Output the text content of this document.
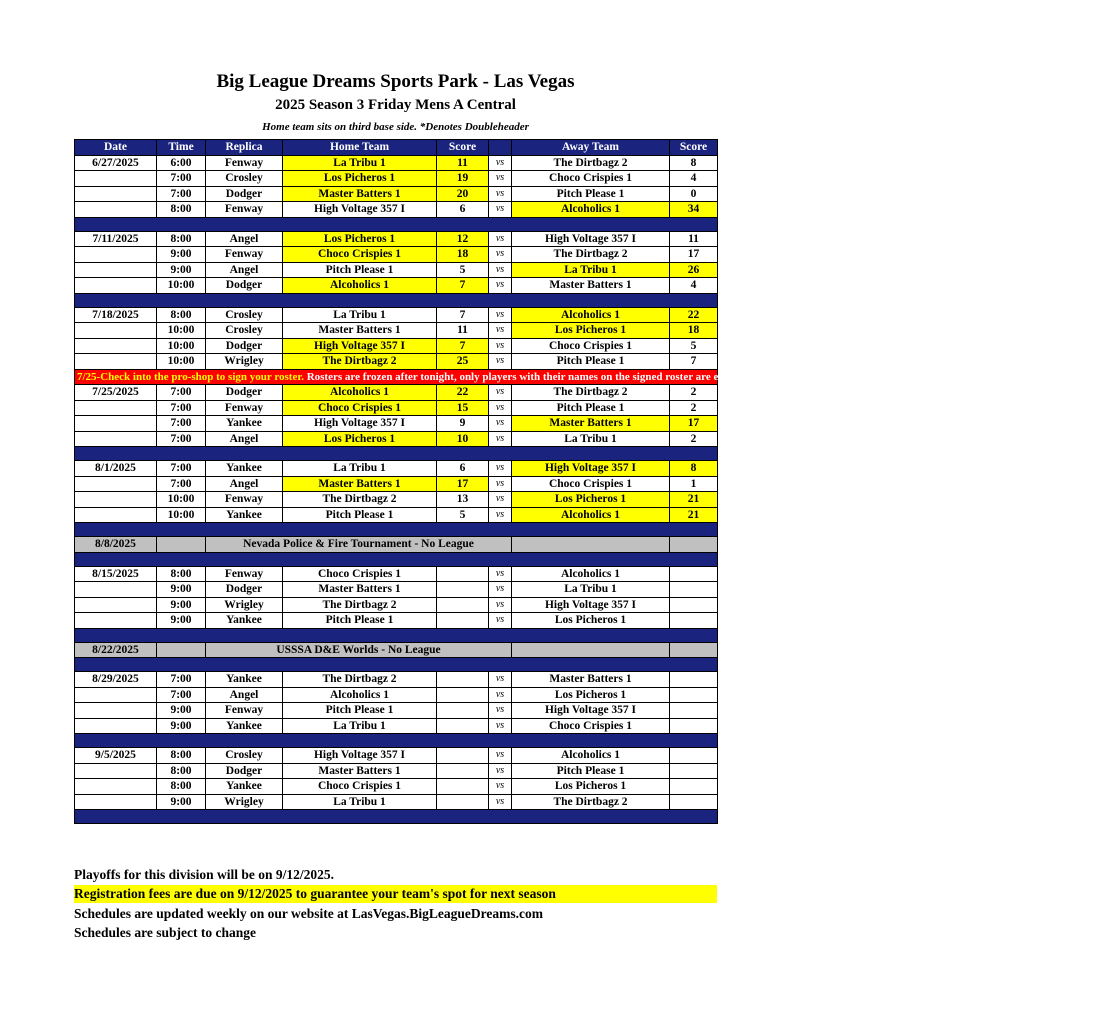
Big League Dreams Sports Park - Las Vegas
2025 Season 3 Friday Mens A Central
Home team sits on third base side. *Denotes Doubleheader
Date	Time	Replica	Home Team	Score		Away Team	Score
6/27/2025	6:00	Fenway	La Tribu 1	11	vs	The Dirtbagz 2	8
	7:00	Crosley	Los Picheros 1	19	vs	Choco Crispies 1	4
	7:00	Dodger	Master Batters 1	20	vs	Pitch Please 1	0
	8:00	Fenway	High Voltage 357 I	6	vs	Alcoholics 1	34

7/11/2025	8:00	Angel	Los Picheros 1	12	vs	High Voltage 357 I	11
	9:00	Fenway	Choco Crispies 1	18	vs	The Dirtbagz 2	17
	9:00	Angel	Pitch Please 1	5	vs	La Tribu 1	26
	10:00	Dodger	Alcoholics 1	7	vs	Master Batters 1	4

7/18/2025	8:00	Crosley	La Tribu 1	7	vs	Alcoholics 1	22
	10:00	Crosley	Master Batters 1	11	vs	Los Picheros 1	18
	10:00	Dodger	High Voltage 357 I	7	vs	Choco Crispies 1	5
	10:00	Wrigley	The Dirtbagz 2	25	vs	Pitch Please 1	7
7/25-Check into the pro-shop to sign your roster. Rosters are frozen after tonight, only players with their names on the signed roster are eligible for playoffs. Please check carefully as changes will not be made for omissions.							
7/25/2025	7:00	Dodger	Alcoholics 1	22	vs	The Dirtbagz 2	2
	7:00	Fenway	Choco Crispies 1	15	vs	Pitch Please 1	2
	7:00	Yankee	High Voltage 357 I	9	vs	Master Batters 1	17
	7:00	Angel	Los Picheros 1	10	vs	La Tribu 1	2

8/1/2025	7:00	Yankee	La Tribu 1	6	vs	High Voltage 357 I	8
	7:00	Angel	Master Batters 1	17	vs	Choco Crispies 1	1
	10:00	Fenway	The Dirtbagz 2	13	vs	Los Picheros 1	21
	10:00	Yankee	Pitch Please 1	5	vs	Alcoholics 1	21

8/8/2025		Nevada Police & Fire Tournament - No League					

8/15/2025	8:00	Fenway	Choco Crispies 1		vs	Alcoholics 1	
	9:00	Dodger	Master Batters 1		vs	La Tribu 1	
	9:00	Wrigley	The Dirtbagz 2		vs	High Voltage 357 I	
	9:00	Yankee	Pitch Please 1		vs	Los Picheros 1	

8/22/2025		USSSA D&E Worlds - No League					

8/29/2025	7:00	Yankee	The Dirtbagz 2		vs	Master Batters 1	
	7:00	Angel	Alcoholics 1		vs	Los Picheros 1	
	9:00	Fenway	Pitch Please 1		vs	High Voltage 357 I	
	9:00	Yankee	La Tribu 1		vs	Choco Crispies 1	

9/5/2025	8:00	Crosley	High Voltage 357 I		vs	Alcoholics 1	
	8:00	Dodger	Master Batters 1		vs	Pitch Please 1	
	8:00	Yankee	Choco Crispies 1		vs	Los Picheros 1	
	9:00	Wrigley	La Tribu 1		vs	The Dirtbagz 2	

Playoffs for this division will be on 9/12/2025.
Registration fees are due on 9/12/2025 to guarantee your team's spot for next season
Schedules are updated weekly on our website at LasVegas.BigLeagueDreams.com
Schedules are subject to change
